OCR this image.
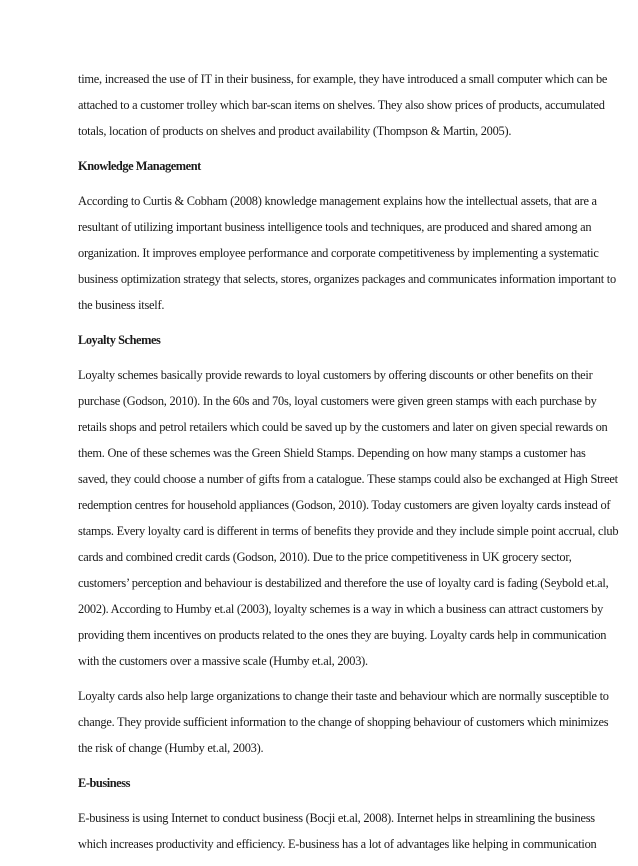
time, increased the use of IT in their business, for example, they have introduced a small computer which can be
attached to a customer trolley which bar-scan items on shelves. They also show prices of products, accumulated
totals, location of products on shelves and product availability (Thompson & Martin, 2005).
Knowledge Management
According to Curtis & Cobham (2008) knowledge management explains how the intellectual assets, that are a
resultant of utilizing important business intelligence tools and techniques, are produced and shared among an
organization. It improves employee performance and corporate competitiveness by implementing a systematic
business optimization strategy that selects, stores, organizes packages and communicates information important to
the business itself.
Loyalty Schemes
Loyalty schemes basically provide rewards to loyal customers by offering discounts or other benefits on their
purchase (Godson, 2010). In the 60s and 70s, loyal customers were given green stamps with each purchase by
retails shops and petrol retailers which could be saved up by the customers and later on given special rewards on
them. One of these schemes was the Green Shield Stamps. Depending on how many stamps a customer has
saved, they could choose a number of gifts from a catalogue. These stamps could also be exchanged at High Street
redemption centres for household appliances (Godson, 2010). Today customers are given loyalty cards instead of
stamps. Every loyalty card is different in terms of benefits they provide and they include simple point accrual, club
cards and combined credit cards (Godson, 2010). Due to the price competitiveness in UK grocery sector,
customers’ perception and behaviour is destabilized and therefore the use of loyalty card is fading (Seybold et.al,
2002). According to Humby et.al (2003), loyalty schemes is a way in which a business can attract customers by
providing them incentives on products related to the ones they are buying. Loyalty cards help in communication
with the customers over a massive scale (Humby et.al, 2003).
Loyalty cards also help large organizations to change their taste and behaviour which are normally susceptible to
change. They provide sufficient information to the change of shopping behaviour of customers which minimizes
the risk of change (Humby et.al, 2003).
E-business
E-business is using Internet to conduct business (Bocji et.al, 2008). Internet helps in streamlining the business
which increases productivity and efficiency. E-business has a lot of advantages like helping in communication
